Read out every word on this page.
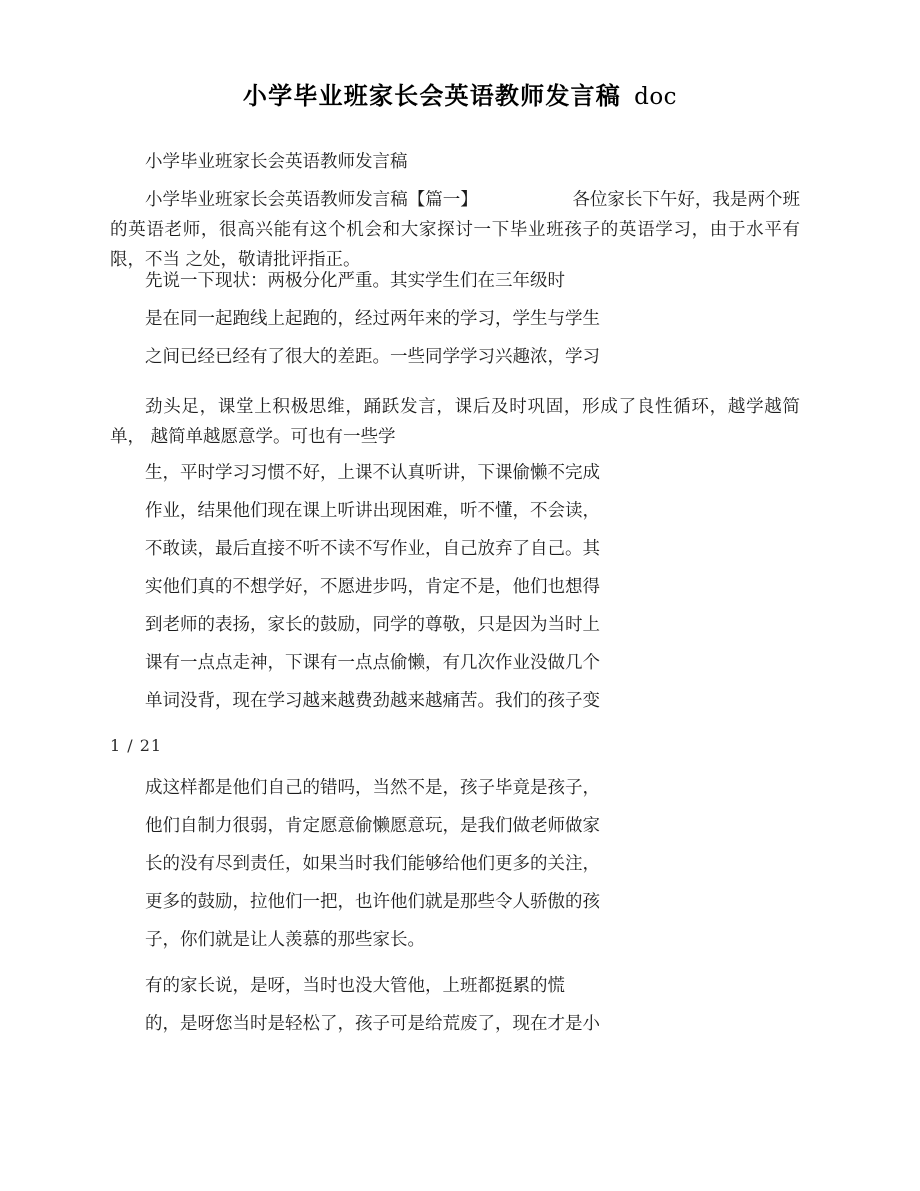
小学毕业班家长会英语教师发言稿 doc
小学毕业班家长会英语教师发言稿
小学毕业班家长会英语教师发言稿【篇一】	各位家长下午好，我是两个班的英语老师，很高兴能有这个机会和大家探讨一下毕业班孩子的英语学习，由于水平有限，不当 之处，敬请批评指正。
先说一下现状：两极分化严重。其实学生们在三年级时
是在同一起跑线上起跑的，经过两年来的学习，学生与学生
之间已经已经有了很大的差距。一些同学学习兴趣浓，学习
劲头足，课堂上积极思维，踊跃发言，课后及时巩固，形成了良性循环，越学越简单， 越简单越愿意学。可也有一些学
生，平时学习习惯不好，上课不认真听讲，下课偷懒不完成
作业，结果他们现在课上听讲出现困难，听不懂，不会读，
不敢读，最后直接不听不读不写作业，自己放弃了自己。其
实他们真的不想学好，不愿进步吗，肯定不是，他们也想得
到老师的表扬，家长的鼓励，同学的尊敬，只是因为当时上
课有一点点走神，下课有一点点偷懒，有几次作业没做几个
单词没背，现在学习越来越费劲越来越痛苦。我们的孩子变
1 / 21
成这样都是他们自己的错吗，当然不是，孩子毕竟是孩子，
他们自制力很弱，肯定愿意偷懒愿意玩，是我们做老师做家
长的没有尽到责任，如果当时我们能够给他们更多的关注，
更多的鼓励，拉他们一把，也许他们就是那些令人骄傲的孩
子，你们就是让人羡慕的那些家长。
有的家长说，是呀，当时也没大管他，上班都挺累的慌
的，是呀您当时是轻松了，孩子可是给荒废了，现在才是小
